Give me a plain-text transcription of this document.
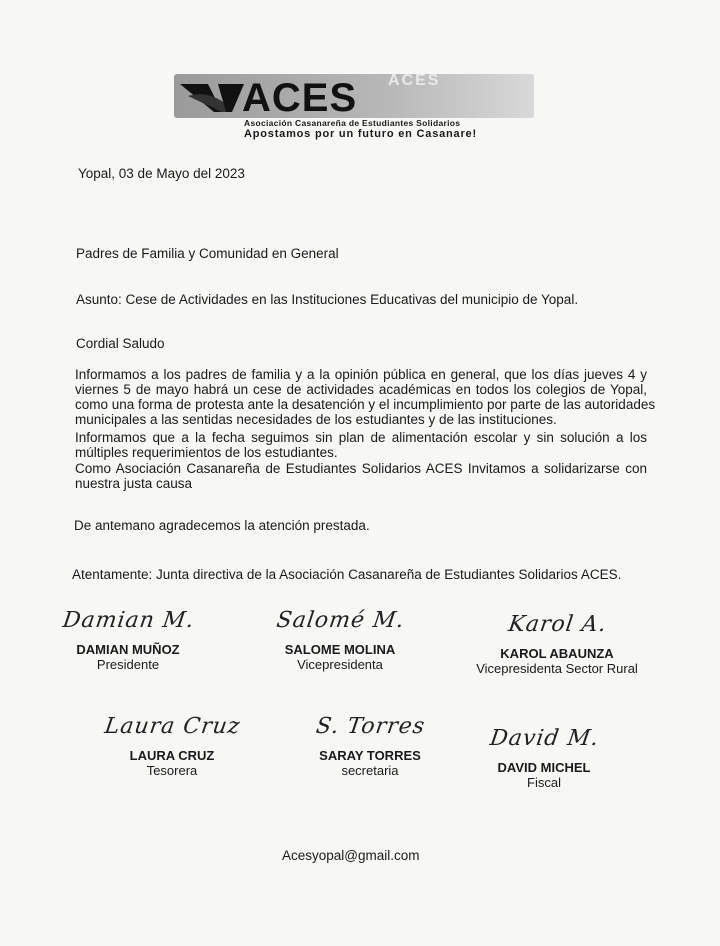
ACES
ACES
Asociación Casanareña de Estudiantes Solidarios
Apostamos por un futuro en Casanare!
Yopal, 03 de Mayo del 2023
Padres de Familia y Comunidad en General
Asunto: Cese de Actividades en las Instituciones Educativas del municipio de Yopal.
Cordial Saludo
Informamos a los padres de familia y a la opinión pública en general, que los días jueves 4 y
viernes 5 de mayo habrá un cese de actividades académicas en todos los colegios de Yopal,
como una forma de protesta ante la desatención y el incumplimiento por parte de las autoridades
municipales a las sentidas necesidades de los estudiantes y de las instituciones.
Informamos que a la fecha seguimos sin plan de alimentación escolar y sin solución a los
múltiples requerimientos de los estudiantes.
Como Asociación Casanareña de Estudiantes Solidarios ACES Invitamos a solidarizarse con
nuestra justa causa
De antemano agradecemos la atención prestada.
Atentamente: Junta directiva de la Asociación Casanareña de Estudiantes Solidarios ACES.
Damian M.
DAMIAN MUÑOZ
Presidente
Salomé M.
SALOME MOLINA
Vicepresidenta
Karol A.
KAROL ABAUNZA
Vicepresidenta Sector Rural
Laura Cruz
LAURA CRUZ
Tesorera
S. Torres
SARAY TORRES
secretaria
David M.
DAVID MICHEL
Fiscal
Acesyopal@gmail.com
